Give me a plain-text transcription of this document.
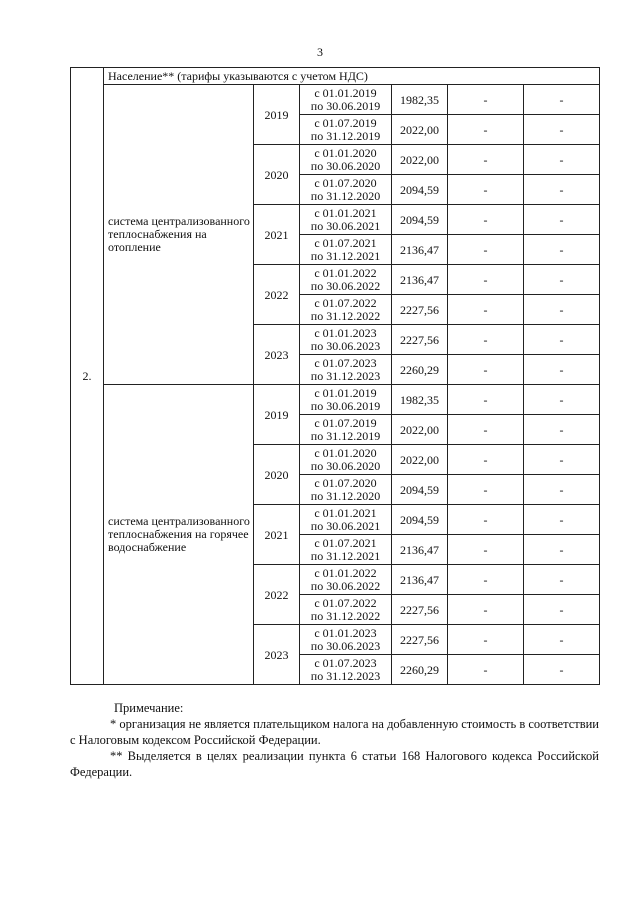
3
2.	Население** (тарифы указываются с учетом НДС)					
	система централизованного теплоснабжения на отопление	2019	с 01.01.2019
по 30.06.2019	1982,35	-	-

			с 01.07.2019
по 31.12.2019	2022,00	-	-
		2020	с 01.01.2020
по 30.06.2020	2022,00	-	-

			с 01.07.2020
по 31.12.2020	2094,59	-	-
		2021	с 01.01.2021
по 30.06.2021	2094,59	-	-

			с 01.07.2021
по 31.12.2021	2136,47	-	-
		2022	с 01.01.2022
по 30.06.2022	2136,47	-	-

			с 01.07.2022
по 31.12.2022	2227,56	-	-
		2023	с 01.01.2023
по 30.06.2023	2227,56	-	-

			с 01.07.2023
по 31.12.2023	2260,29	-	-
	система централизованного теплоснабжения на горячее водоснабжение	2019	с 01.01.2019
по 30.06.2019	1982,35	-	-

			с 01.07.2019
по 31.12.2019	2022,00	-	-
		2020	с 01.01.2020
по 30.06.2020	2022,00	-	-

			с 01.07.2020
по 31.12.2020	2094,59	-	-
		2021	с 01.01.2021
по 30.06.2021	2094,59	-	-

			с 01.07.2021
по 31.12.2021	2136,47	-	-
		2022	с 01.01.2022
по 30.06.2022	2136,47	-	-

			с 01.07.2022
по 31.12.2022	2227,56	-	-
		2023	с 01.01.2023
по 30.06.2023	2227,56	-	-

			с 01.07.2023
по 31.12.2023	2260,29	-	-

Примечание:

* организация не является плательщиком налога на добавленную стоимость в соответствии с Налоговым кодексом Российской Федерации.

** Выделяется в целях реализации пункта 6 статьи 168 Налогового кодекса Российской Федерации.
